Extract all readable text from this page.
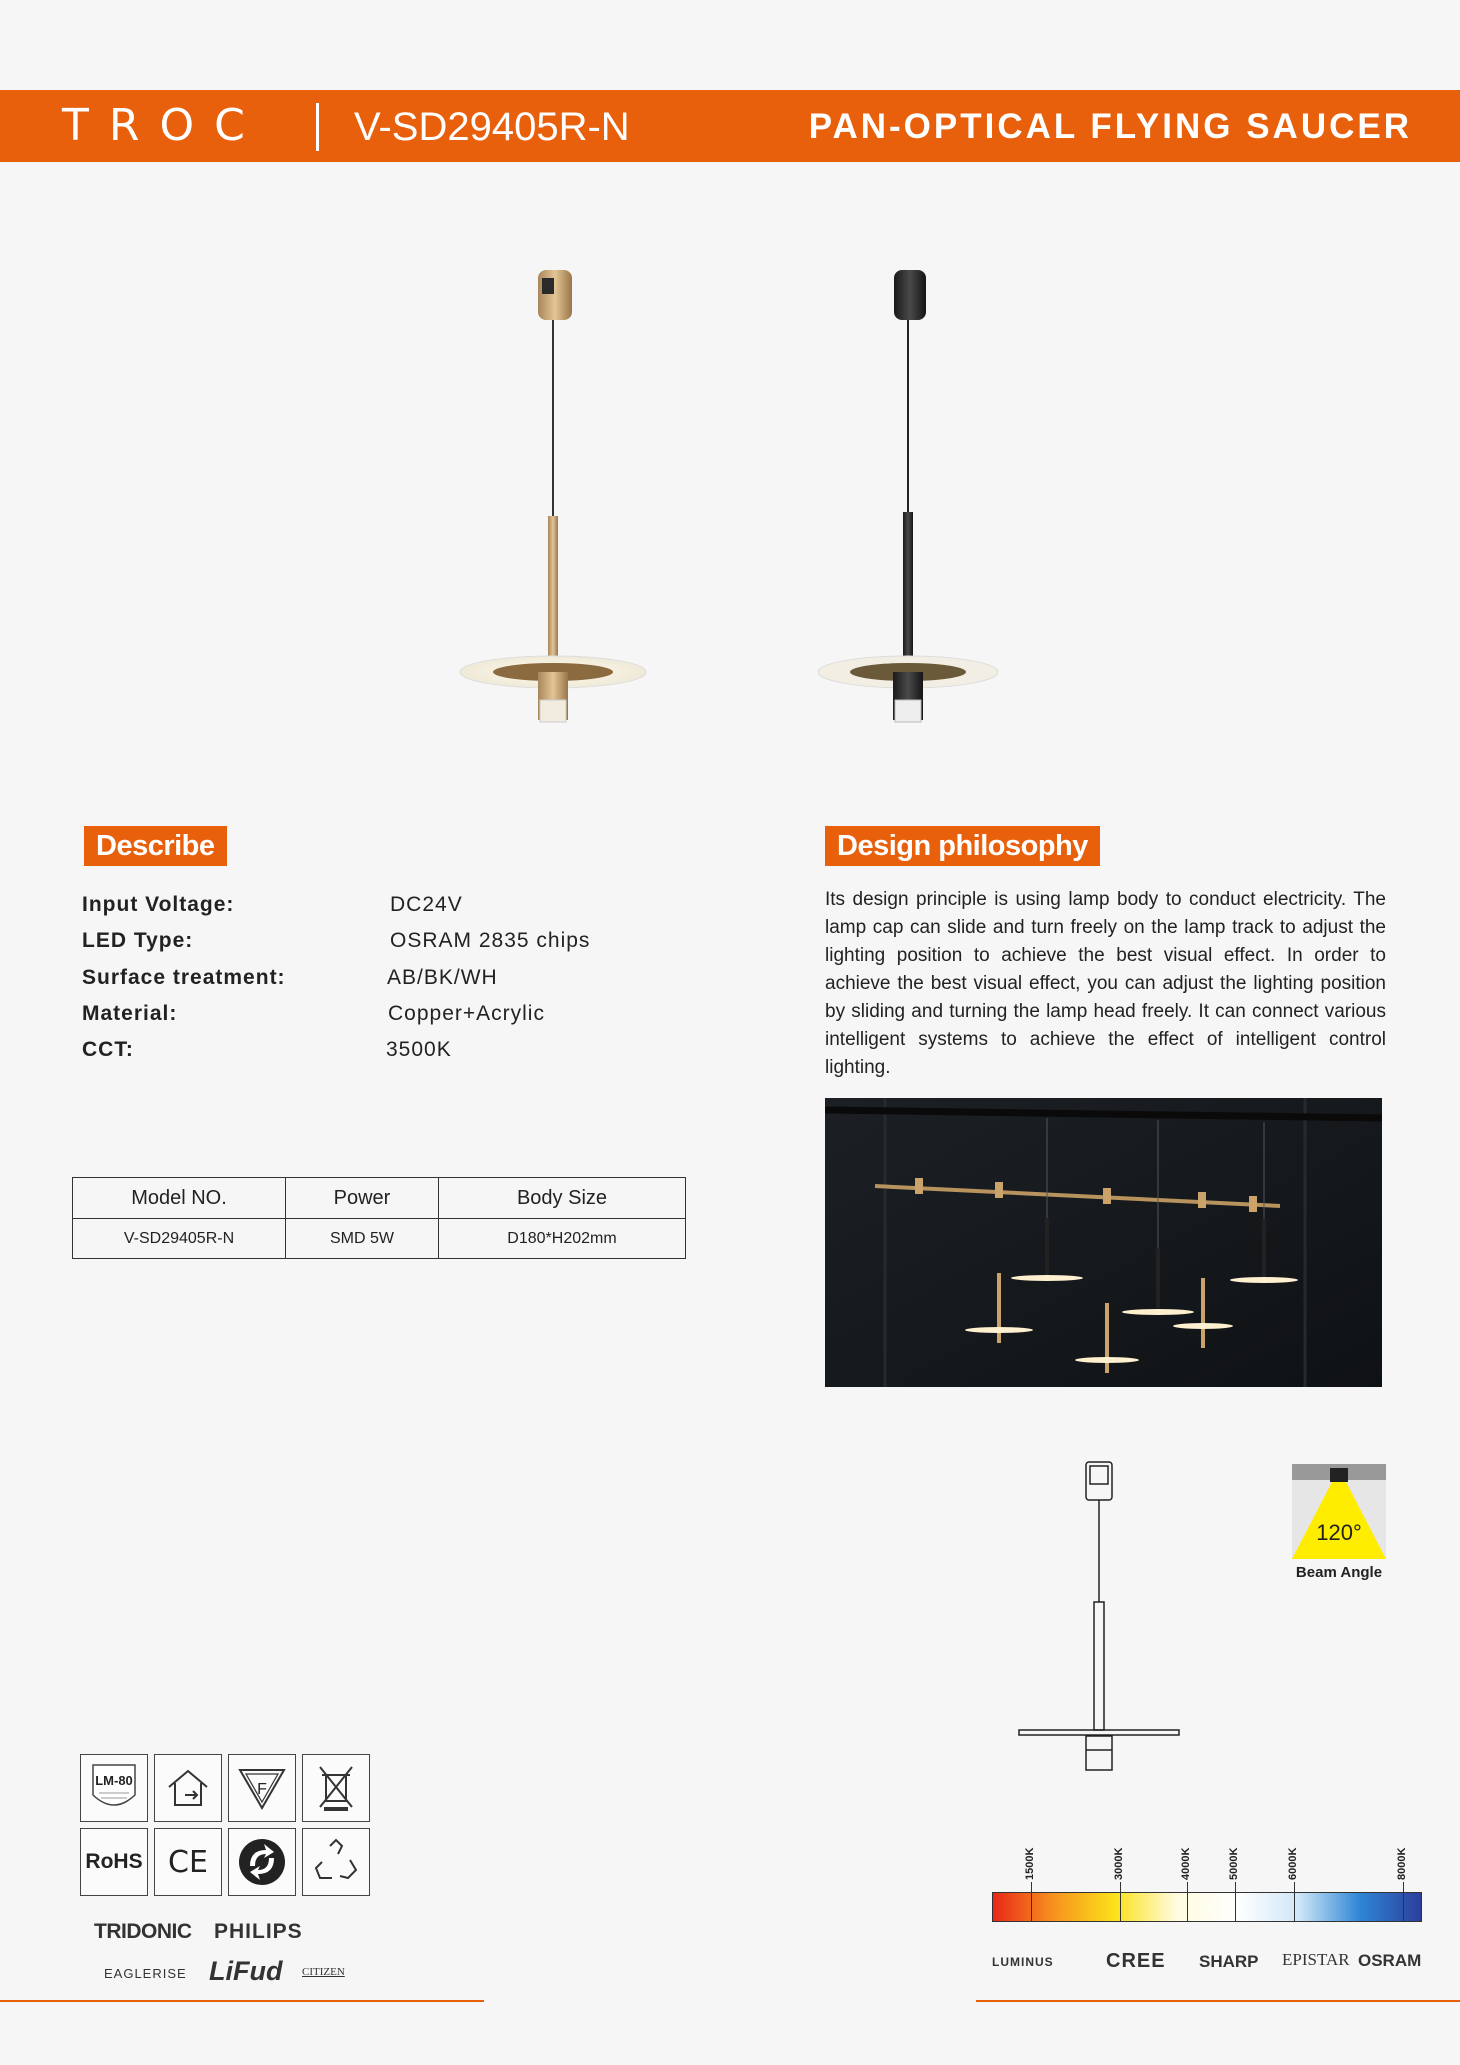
TROC V-SD29405R-N	PAN-OPTICAL FLYING SAUCER
Describe
Input Voltage:	DC24V
LED Type:	OSRAM 2835 chips
Surface treatment:	AB/BK/WH
Material:	Copper+Acrylic
CCT:	3500K
Model NO.	Power	Body Size
V-SD29405R-N	SMD 5W	D180*H202mm
Design philosophy
Its design principle is using lamp body to conduct electricity. The lamp cap can slide and turn freely on the lamp track to adjust the lighting position to achieve the best visual effect. In order to achieve the best visual effect, you can adjust the lighting position by sliding and turning the lamp head freely. It can connect various intelligent systems to achieve the effect of intelligent control lighting.
120°
Beam Angle
LM-80
F
RoHS CE
TRIDONIC PHILIPS
EAGLERISE LiFud CITIZEN
1500K	3000K	4000K	5000K	6000K	8000K
LUMINUS	CREE SHARP EPISTAR OSRAM
